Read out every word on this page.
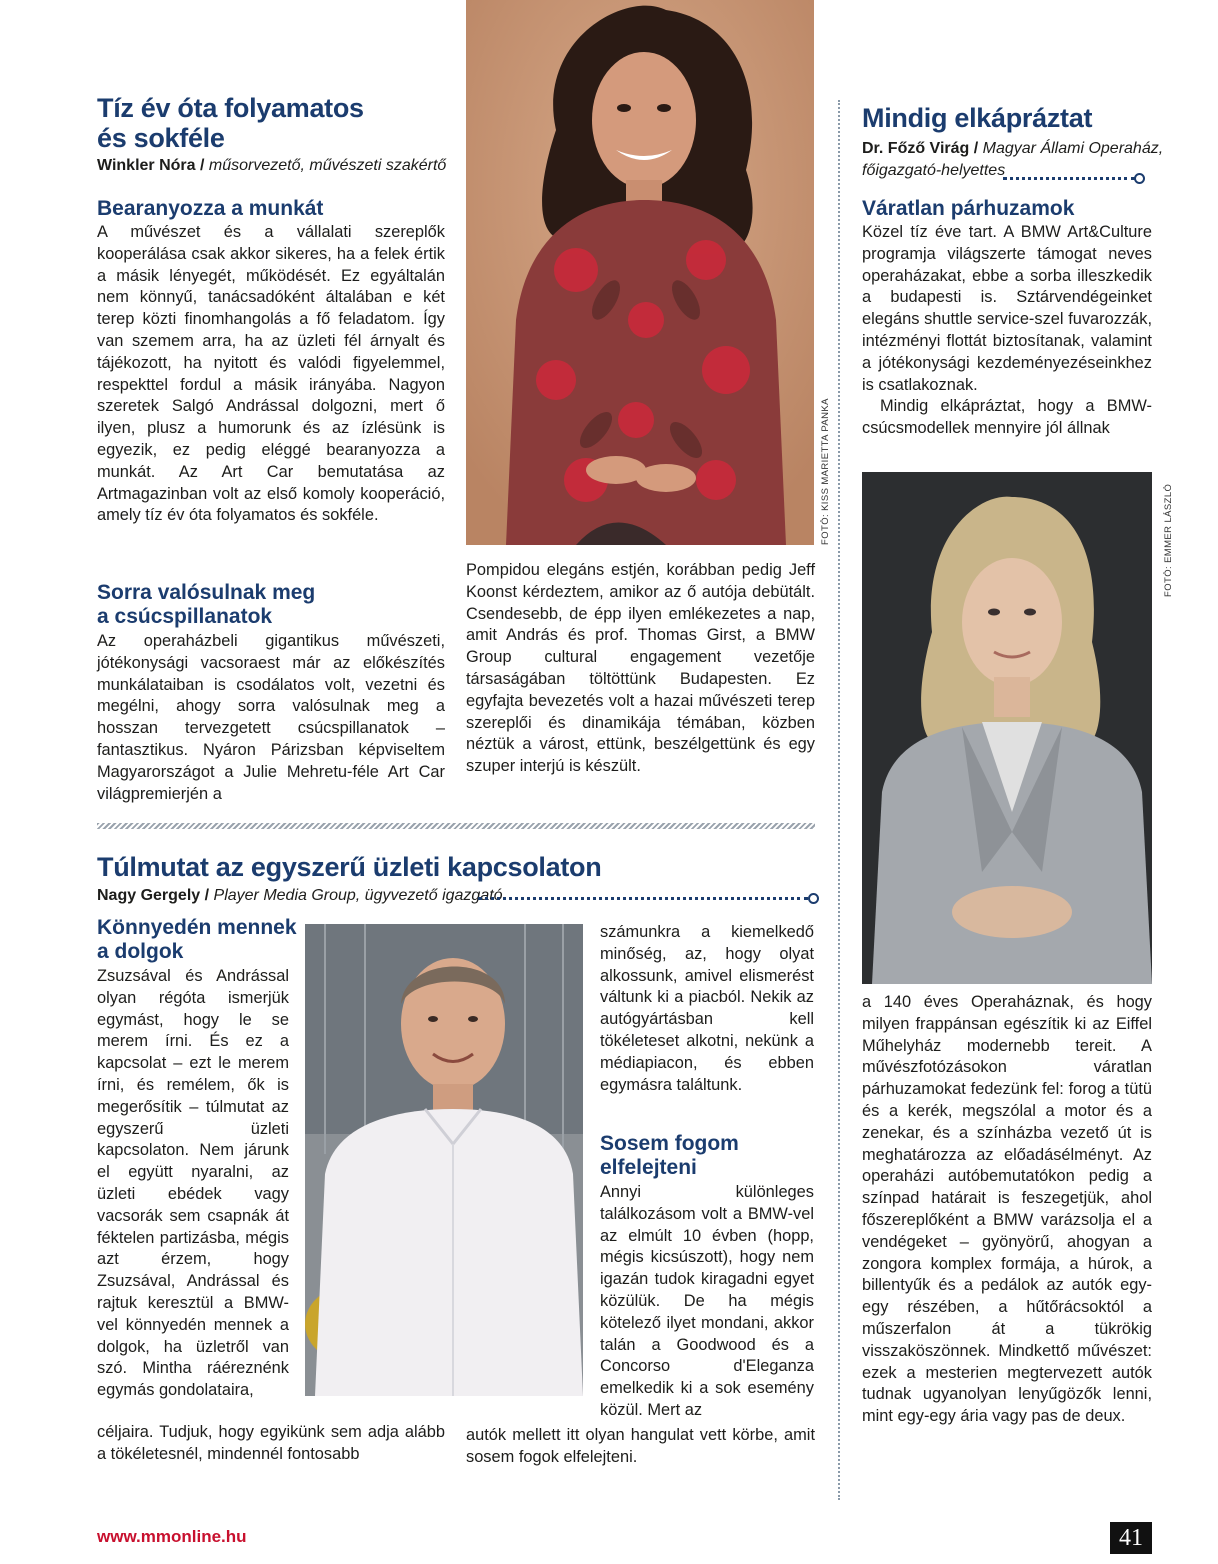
Tíz év óta folyamatos
és sokféle
Winkler Nóra / műsorvezető, művészeti szakértő
Bearanyozza a munkát

A művészet és a vállalati szereplők kooperálása csak akkor sikeres, ha a felek értik a másik lényegét, működését. Ez egyáltalán nem könnyű, tanácsadóként általában e két terep közti finomhangolás a fő feladatom. Így van szemem arra, ha az üzleti fél árnyalt és tájékozott, ha nyitott és valódi figyelemmel, respekttel fordul a másik irányába. Nagyon szeretek Salgó Andrással dolgozni, mert ő ilyen, plusz a humorunk és az ízlésünk is egyezik, ez pedig eléggé bearanyozza a munkát. Az Art Car bemutatása az Artmagazinban volt az első komoly kooperáció, amely tíz év óta folyamatos és sokféle.

Sorra valósulnak meg
a csúcspillanatok

Az operaházbeli gigantikus művészeti, jótékonysági vacsoraest már az előkészítés munkálataiban is csodálatos volt, vezetni és megélni, ahogy sorra valósulnak meg a hosszan tervezgetett csúcspillanatok – fantasztikus. Nyáron Párizsban képviseltem Magyarországot a Julie Mehretu-féle Art Car világpremierjén a

FOTÓ: KISS MARIETTA PANKA

Pompidou elegáns estjén, korábban pedig Jeff Koonst kérdeztem, amikor az ő autója debütált. Csendesebb, de épp ilyen emlékezetes a nap, amit András és prof. Thomas Girst, a BMW Group cultural engagement vezetője társaságában töltöttünk Budapesten. Ez egyfajta bevezetés volt a hazai művészeti terep szereplői és dinamikája témában, közben néztük a várost, ettünk, beszélgettünk és egy szuper interjú is készült.

Mindig elkápráztat
Dr. Főző Virág / Magyar Állami Operaház,
főigazgató-helyettes
Váratlan párhuzamok

Közel tíz éve tart. A BMW Art&Culture programja világszerte támogat neves operaházakat, ebbe a sorba illeszkedik a budapesti is. Sztárvendégeinket elegáns shuttle service-szel fuvarozzák, intézményi flottát biztosítanak, valamint a jótékonysági kezdeményezéseinkhez is csatlakoznak.

Mindig elkápráztat, hogy a BMW-csúcsmodellek mennyire jól állnak

FOTÓ: EMMER LÁSZLÓ

a 140 éves Operaháznak, és hogy milyen frappánsan egészítik ki az Eiffel Műhelyház modernebb tereit. A művészfotózásokon váratlan párhuzamokat fedezünk fel: forog a tütü és a kerék, megszólal a motor és a zenekar, és a színházba vezető út is meghatározza az előadásélményt. Az operaházi autóbemutatókon pedig a színpad határait is feszegetjük, ahol főszereplőként a BMW varázsolja el a vendégeket – gyönyörű, ahogyan a zongora komplex formája, a húrok, a billentyűk és a pedálok az autók egy-egy részében, a hűtőrácsoktól a műszerfalon át a tükrökig visszaköszönnek. Mindkettő művészet: ezek a mesterien megtervezett autók tudnak ugyanolyan lenyűgözők lenni, mint egy-egy ária vagy pas de deux.

Túlmutat az egyszerű üzleti kapcsolaton
Nagy Gergely / Player Media Group, ügyvezető igazgató
Könnyedén mennek
a dolgok

Zsuzsával és Andrással olyan régóta ismerjük egymást, hogy le se merem írni. És ez a kapcsolat – ezt le merem írni, és remélem, ők is megerősítik – túlmutat az egyszerű üzleti kapcsolaton. Nem járunk el együtt nyaralni, az üzleti ebédek vagy vacsorák sem csapnák át féktelen partizásba, mégis azt érzem, hogy Zsuzsával, Andrással és rajtuk keresztül a BMW-vel könnyedén mennek a dolgok, ha üzletről van szó. Mintha ráéreznénk egymás gondolataira,

céljaira. Tudjuk, hogy egyikünk sem adja alább a tökéletesnél, mindennél fontosabb

számunkra a kiemelkedő minőség, az, hogy olyat alkossunk, amivel elismerést váltunk ki a piacból. Nekik az autógyártásban kell tökéleteset alkotni, nekünk a médiapiacon, és ebben egymásra találtunk.

Sosem fogom
elfelejteni

Annyi különleges találkozásom volt a BMW-vel az elmúlt 10 évben (hopp, mégis kicsúszott), hogy nem igazán tudok kiragadni egyet közülük. De ha mégis kötelező ilyet mondani, akkor talán a Goodwood és a Concorso d'Eleganza emelkedik ki a sok esemény közül. Mert az

autók mellett itt olyan hangulat vett körbe, amit sosem fogok elfelejteni.

www.mmonline.hu	41
